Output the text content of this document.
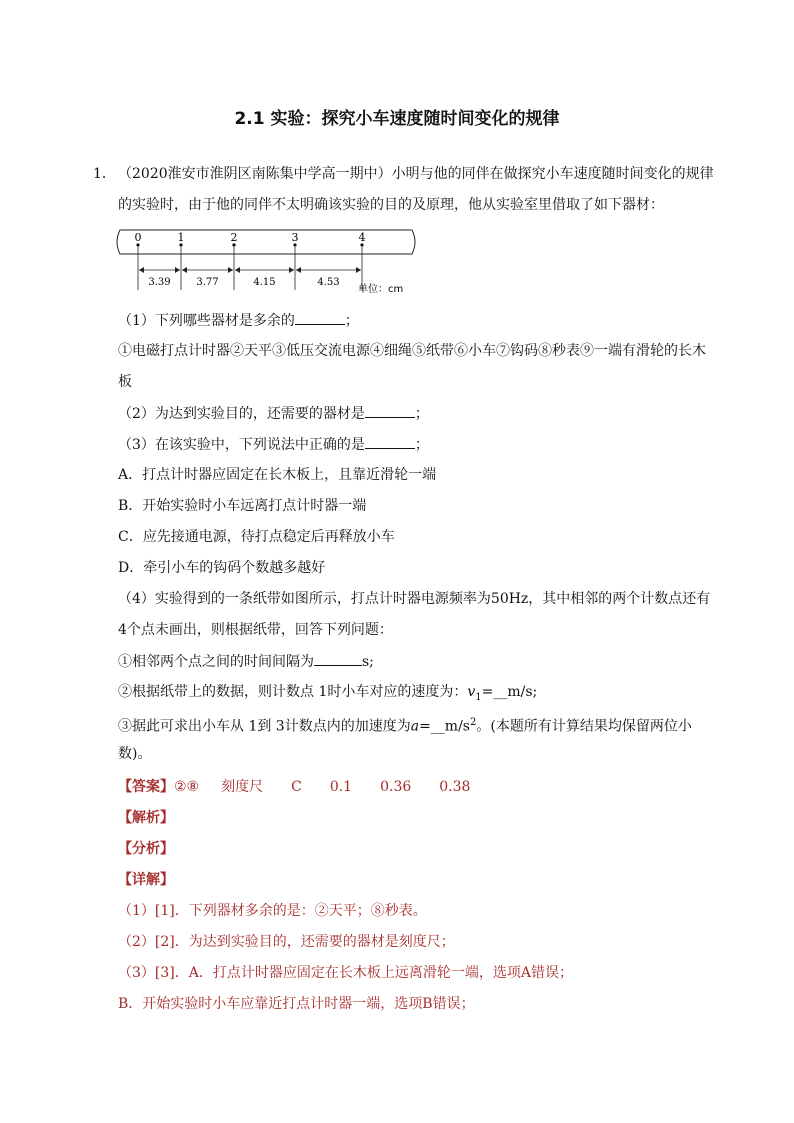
2.1 实验：探究小车速度随时间变化的规律
1． （2020淮安市淮阴区南陈集中学高一期中）小明与他的同伴在做探究小车速度随时间变化的规律
的实验时，由于他的同伴不太明确该实验的目的及原理，他从实验室里借取了如下器材：
0	1	2	3	4
3.39	3.77	4.15	4.53
单位：cm
（1）下列哪些器材是多余的	；
①电磁打点计时器②天平③低压交流电源④细绳⑤纸带⑥小车⑦钩码⑧秒表⑨一端有滑轮的长木
板
（2）为达到实验目的，还需要的器材是	；
（3）在该实验中，下列说法中正确的是	；
A．打点计时器应固定在长木板上，且靠近滑轮一端
B．开始实验时小车远离打点计时器一端
C．应先接通电源，待打点稳定后再释放小车
D．牵引小车的钩码个数越多越好
（4）实验得到的一条纸带如图所示，打点计时器电源频率为50Hz，其中相邻的两个计数点还有
4个点未画出，则根据纸带，回答下列问题：
①相邻两个点之间的时间间隔为	s;
②根据纸带上的数据，则计数点 1时小车对应的速度为：$v_1=\_\_m/s$;
③据此可求出小车从 1到 3计数点内的加速度为$a=\_\_m/s^2$。(本题所有计算结果均保留两位小
数)。
【答案】②⑧ 刻度尺 C 0.1 0.36 0.38
【解析】
【分析】
【详解】
（1）[1]．下列器材多余的是：②天平；⑧秒表。
（2）[2]．为达到实验目的，还需要的器材是刻度尺；
（3）[3]．A．打点计时器应固定在长木板上远离滑轮一端，选项A错误；
B．开始实验时小车应靠近打点计时器一端，选项B错误；
